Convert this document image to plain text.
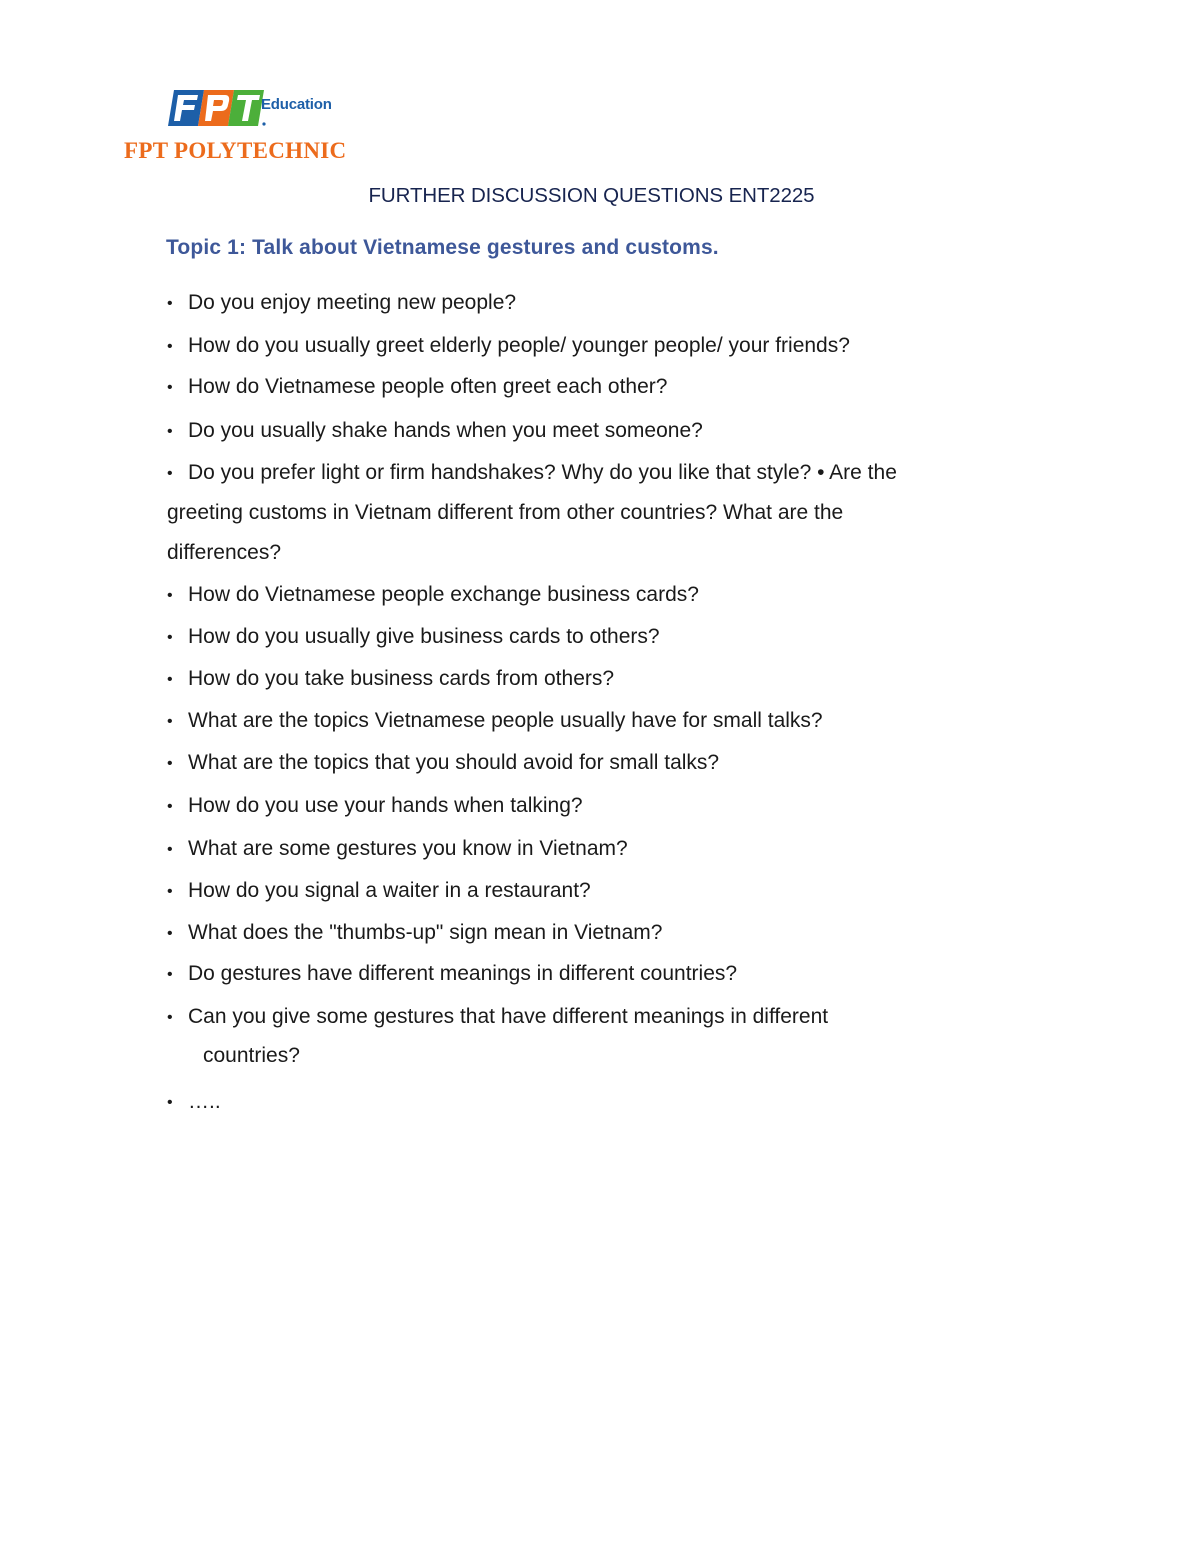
Education
FPT POLYTECHNIC
FURTHER DISCUSSION QUESTIONS ENT2225
Topic 1: Talk about Vietnamese gestures and customs.
• Do you enjoy meeting new people?
• How do you usually greet elderly people/ younger people/ your friends?
• How do Vietnamese people often greet each other?
• Do you usually shake hands when you meet someone?
• Do you prefer light or firm handshakes? Why do you like that style? • Are the
greeting customs in Vietnam different from other countries? What are the
differences?
• How do Vietnamese people exchange business cards?
• How do you usually give business cards to others?
• How do you take business cards from others?
• What are the topics Vietnamese people usually have for small talks?
• What are the topics that you should avoid for small talks?
• How do you use your hands when talking?
• What are some gestures you know in Vietnam?
• How do you signal a waiter in a restaurant?
• What does the "thumbs-up" sign mean in Vietnam?
• Do gestures have different meanings in different countries?
• Can you give some gestures that have different meanings in different
countries?
• …..
